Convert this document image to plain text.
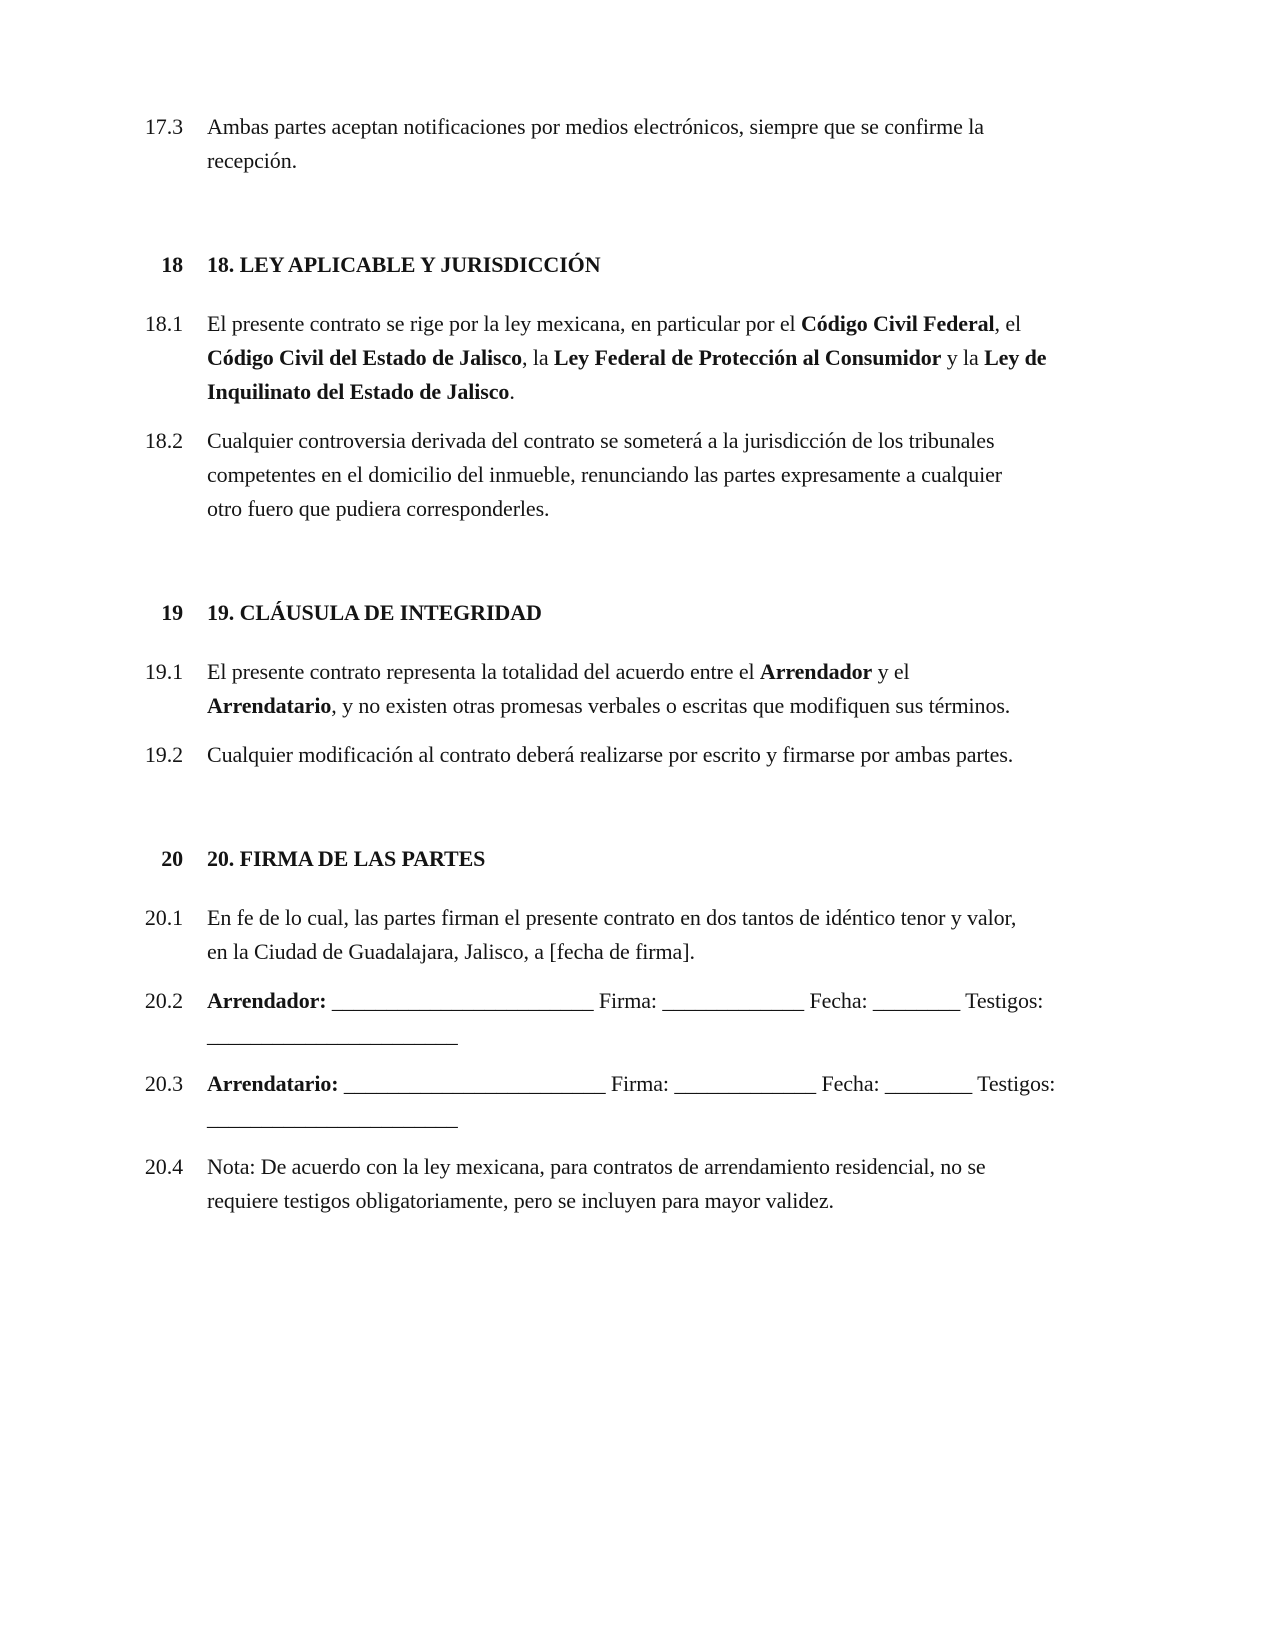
17.3 Ambas partes aceptan notificaciones por medios electrónicos, siempre que se confirme la
recepción.
18 18. LEY APLICABLE Y JURISDICCIÓN
18.1 El presente contrato se rige por la ley mexicana, en particular por el Código Civil Federal, el
Código Civil del Estado de Jalisco, la Ley Federal de Protección al Consumidor y la Ley de
Inquilinato del Estado de Jalisco.
18.2 Cualquier controversia derivada del contrato se someterá a la jurisdicción de los tribunales
competentes en el domicilio del inmueble, renunciando las partes expresamente a cualquier
otro fuero que pudiera corresponderles.
19 19. CLÁUSULA DE INTEGRIDAD
19.1 El presente contrato representa la totalidad del acuerdo entre el Arrendador y el
Arrendatario, y no existen otras promesas verbales o escritas que modifiquen sus términos.
19.2 Cualquier modificación al contrato deberá realizarse por escrito y firmarse por ambas partes.
20 20. FIRMA DE LAS PARTES
20.1 En fe de lo cual, las partes firman el presente contrato en dos tantos de idéntico tenor y valor,
en la Ciudad de Guadalajara, Jalisco, a [fecha de firma].
20.2 Arrendador: ________________________ Firma: _____________ Fecha: ________ Testigos:
_______________________
20.3 Arrendatario: ________________________ Firma: _____________ Fecha: ________ Testigos:
_______________________
20.4 Nota: De acuerdo con la ley mexicana, para contratos de arrendamiento residencial, no se
requiere testigos obligatoriamente, pero se incluyen para mayor validez.
